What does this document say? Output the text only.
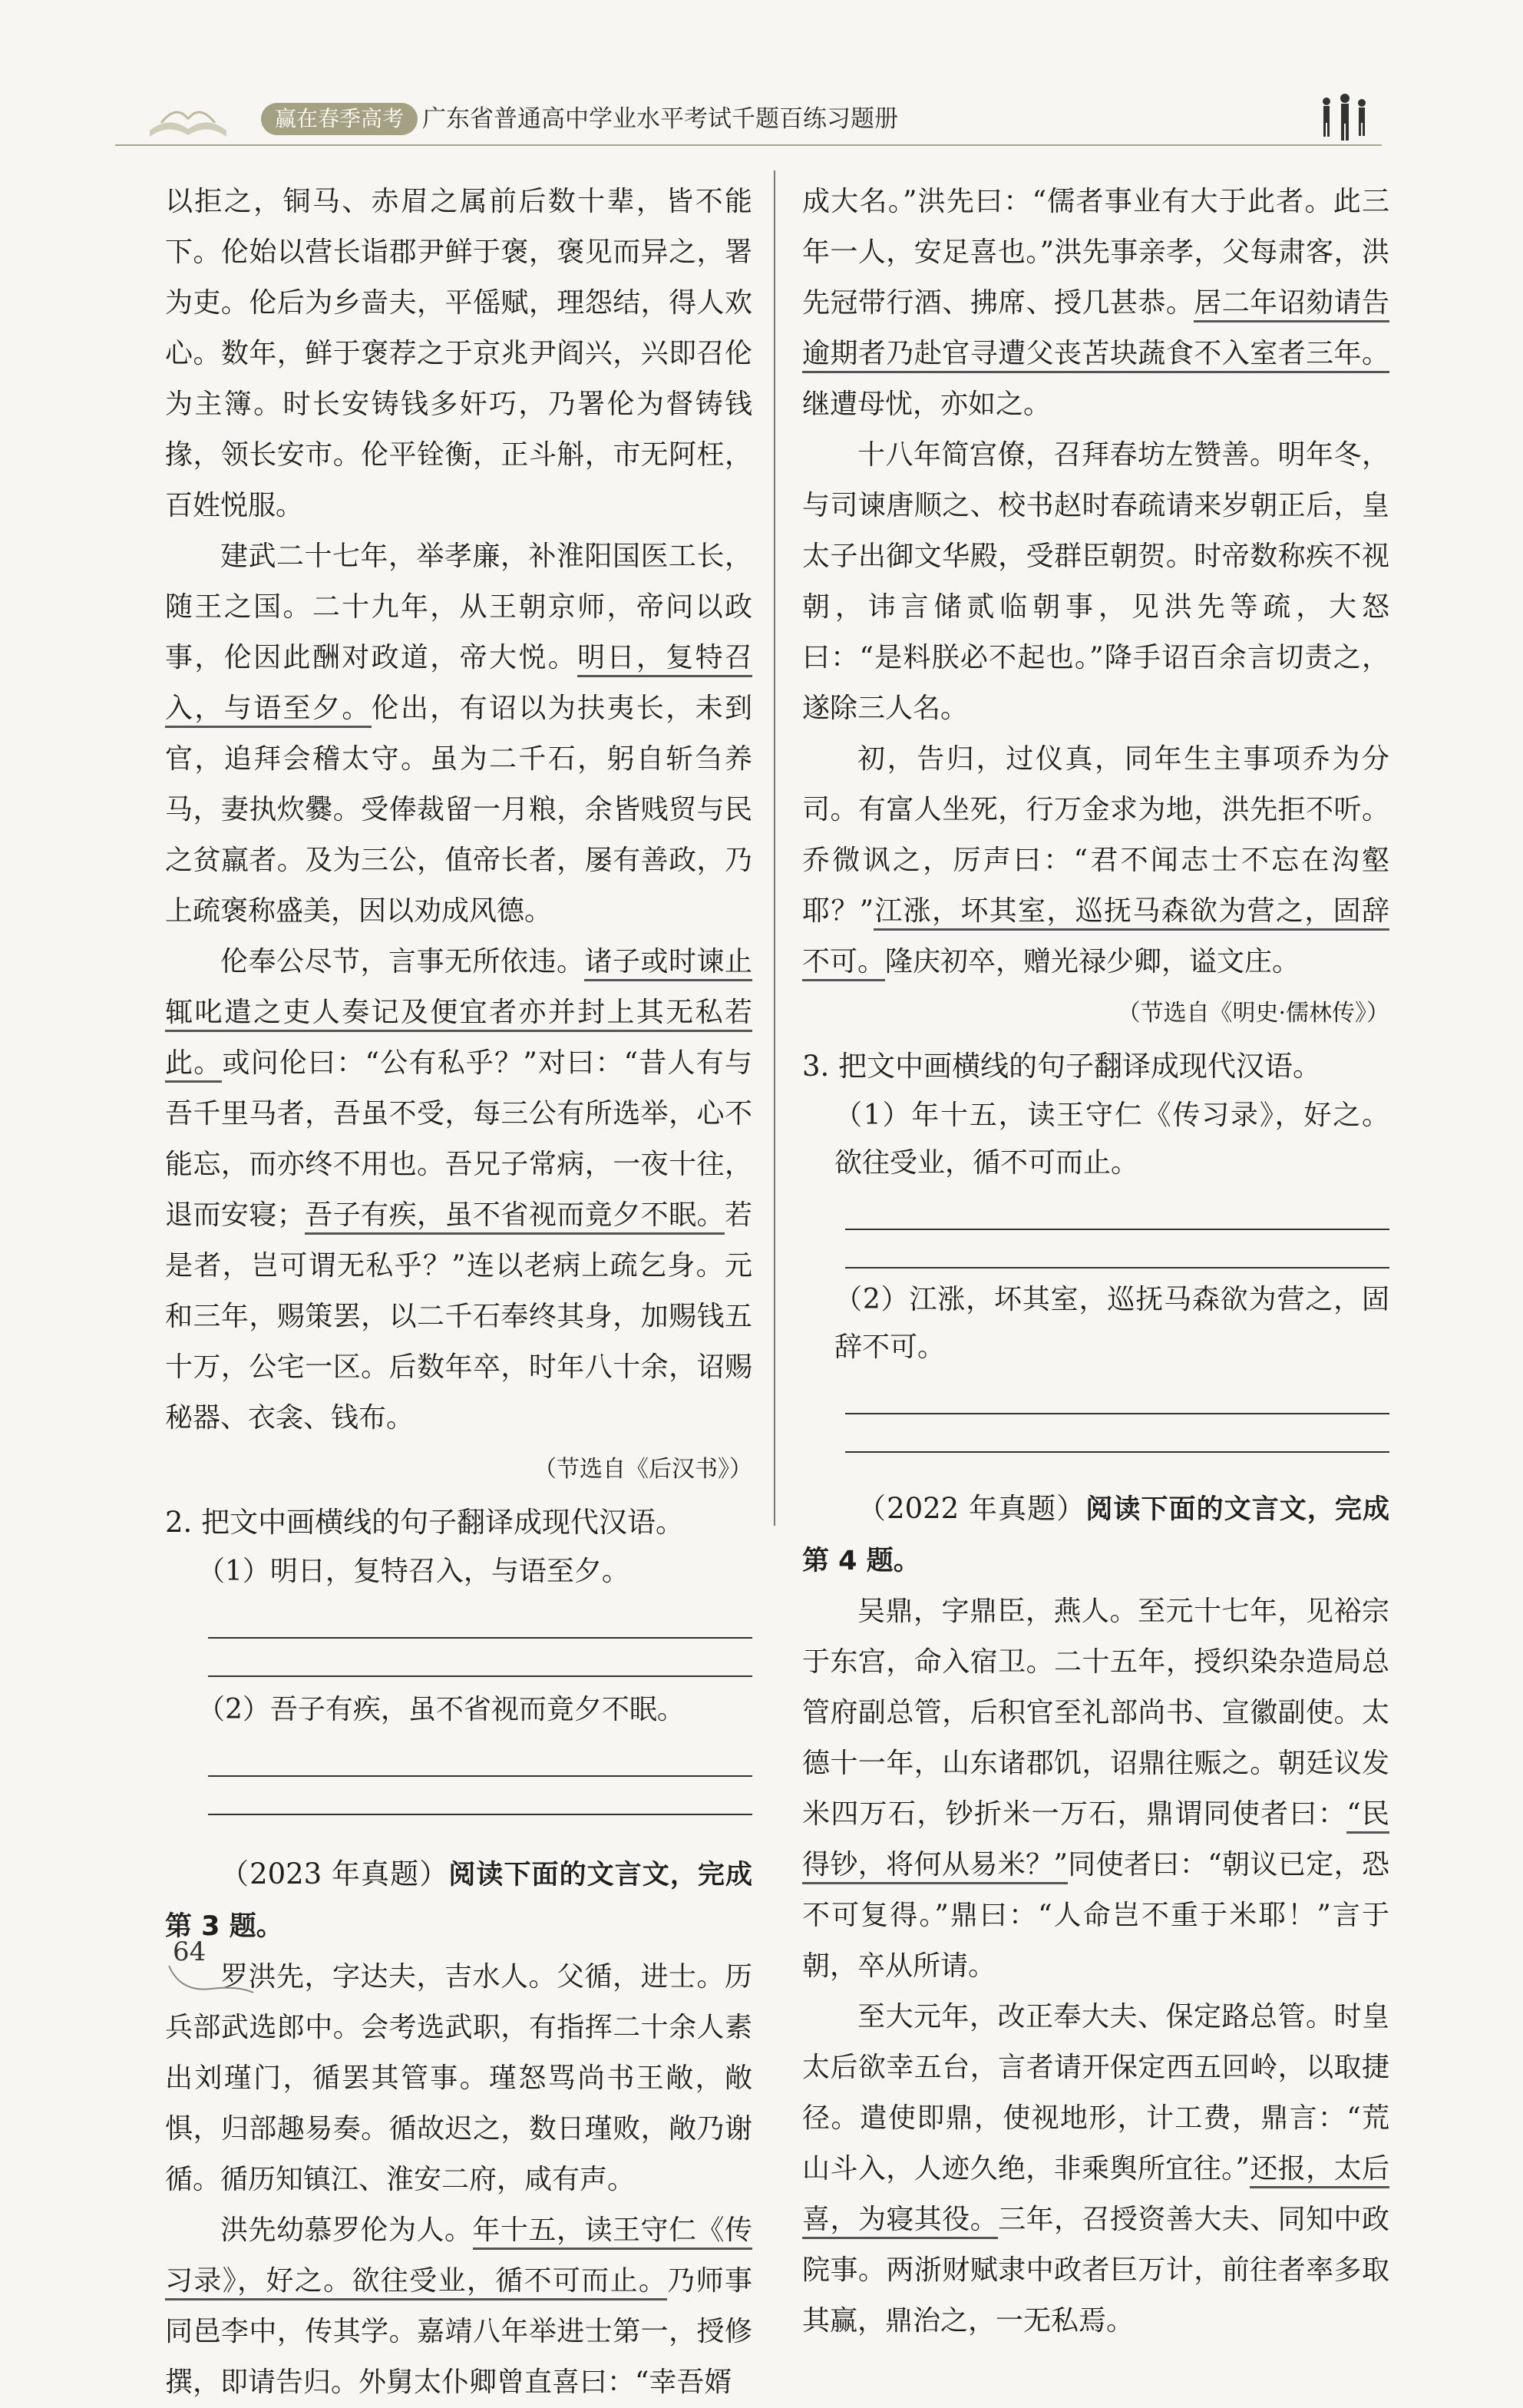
赢在春季高考 广东省普通高中学业水平考试千题百练习题册

以拒之，铜马、赤眉之属前后数十辈，皆不能下。伦始以营长诣郡尹鲜于褒，褒见而异之，署为吏。伦后为乡啬夫，平傜赋，理怨结，得人欢心。数年，鲜于褒荐之于京兆尹阎兴，兴即召伦为主簿。时长安铸钱多奸巧，乃署伦为督铸钱掾，领长安市。伦平铨衡，正斗斛，市无阿枉，百姓悦服。

建武二十七年，举孝廉，补淮阳国医工长，随王之国。二十九年，从王朝京师，帝问以政事，伦因此酬对政道，帝大悦。明日，复特召入，与语至夕。伦出，有诏以为扶夷长，未到官，追拜会稽太守。虽为二千石，躬自斩刍养马，妻执炊爨。受俸裁留一月粮，余皆贱贸与民之贫羸者。及为三公，值帝长者，屡有善政，乃上疏褒称盛美，因以劝成风德。

伦奉公尽节，言事无所依违。诸子或时谏止辄叱遣之吏人奏记及便宜者亦并封上其无私若此。或问伦曰：“公有私乎？”对曰：“昔人有与吾千里马者，吾虽不受，每三公有所选举，心不能忘，而亦终不用也。吾兄子常病，一夜十往，退而安寝；吾子有疾，虽不省视而竟夕不眠。若是者，岂可谓无私乎？”连以老病上疏乞身。元和三年，赐策罢，以二千石奉终其身，加赐钱五十万，公宅一区。后数年卒，时年八十余，诏赐秘器、衣衾、钱布。

（节选自《后汉书》）

2. 把文中画横线的句子翻译成现代汉语。

（1）明日，复特召入，与语至夕。

（2）吾子有疾，虽不省视而竟夕不眠。

（2023 年真题）阅读下面的文言文，完成第 3 题。

罗洪先，字达夫，吉水人。父循，进士。历兵部武选郎中。会考选武职，有指挥二十余人素出刘瑾门，循罢其管事。瑾怒骂尚书王敞，敞惧，归部趣易奏。循故迟之，数日瑾败，敞乃谢循。循历知镇江、淮安二府，咸有声。

洪先幼慕罗伦为人。年十五，读王守仁《传习录》，好之。欲往受业，循不可而止。乃师事同邑李中，传其学。嘉靖八年举进士第一，授修撰，即请告归。外舅太仆卿曾直喜曰：“幸吾婿

成大名。”洪先曰：“儒者事业有大于此者。此三年一人，安足喜也。”洪先事亲孝，父每肃客，洪先冠带行酒、拂席、授几甚恭。居二年诏劾请告逾期者乃赴官寻遭父丧苫块蔬食不入室者三年。继遭母忧，亦如之。

十八年简宫僚，召拜春坊左赞善。明年冬，与司谏唐顺之、校书赵时春疏请来岁朝正后，皇太子出御文华殿，受群臣朝贺。时帝数称疾不视朝，讳言储贰临朝事，见洪先等疏，大怒曰：“是料朕必不起也。”降手诏百余言切责之，遂除三人名。

初，告归，过仪真，同年生主事项乔为分司。有富人坐死，行万金求为地，洪先拒不听。乔微讽之，厉声曰：“君不闻志士不忘在沟壑耶？”江涨，坏其室，巡抚马森欲为营之，固辞不可。隆庆初卒，赠光禄少卿，谥文庄。

（节选自《明史·儒林传》）

3. 把文中画横线的句子翻译成现代汉语。

（1）年十五，读王守仁《传习录》，好之。欲往受业，循不可而止。

（2）江涨，坏其室，巡抚马森欲为营之，固辞不可。

（2022 年真题）阅读下面的文言文，完成第 4 题。

吴鼎，字鼎臣，燕人。至元十七年，见裕宗于东宫，命入宿卫。二十五年，授织染杂造局总管府副总管，后积官至礼部尚书、宣徽副使。太德十一年，山东诸郡饥，诏鼎往赈之。朝廷议发米四万石，钞折米一万石，鼎谓同使者曰：“民得钞，将何从易米？”同使者曰：“朝议已定，恐不可复得。”鼎曰：“人命岂不重于米耶！”言于朝，卒从所请。

至大元年，改正奉大夫、保定路总管。时皇太后欲幸五台，言者请开保定西五回岭，以取捷径。遣使即鼎，使视地形，计工费，鼎言：“荒山斗入，人迹久绝，非乘舆所宜往。”还报，太后喜，为寝其役。三年，召授资善大夫、同知中政院事。两浙财赋隶中政者巨万计，前往者率多取其赢，鼎治之，一无私焉。

64
